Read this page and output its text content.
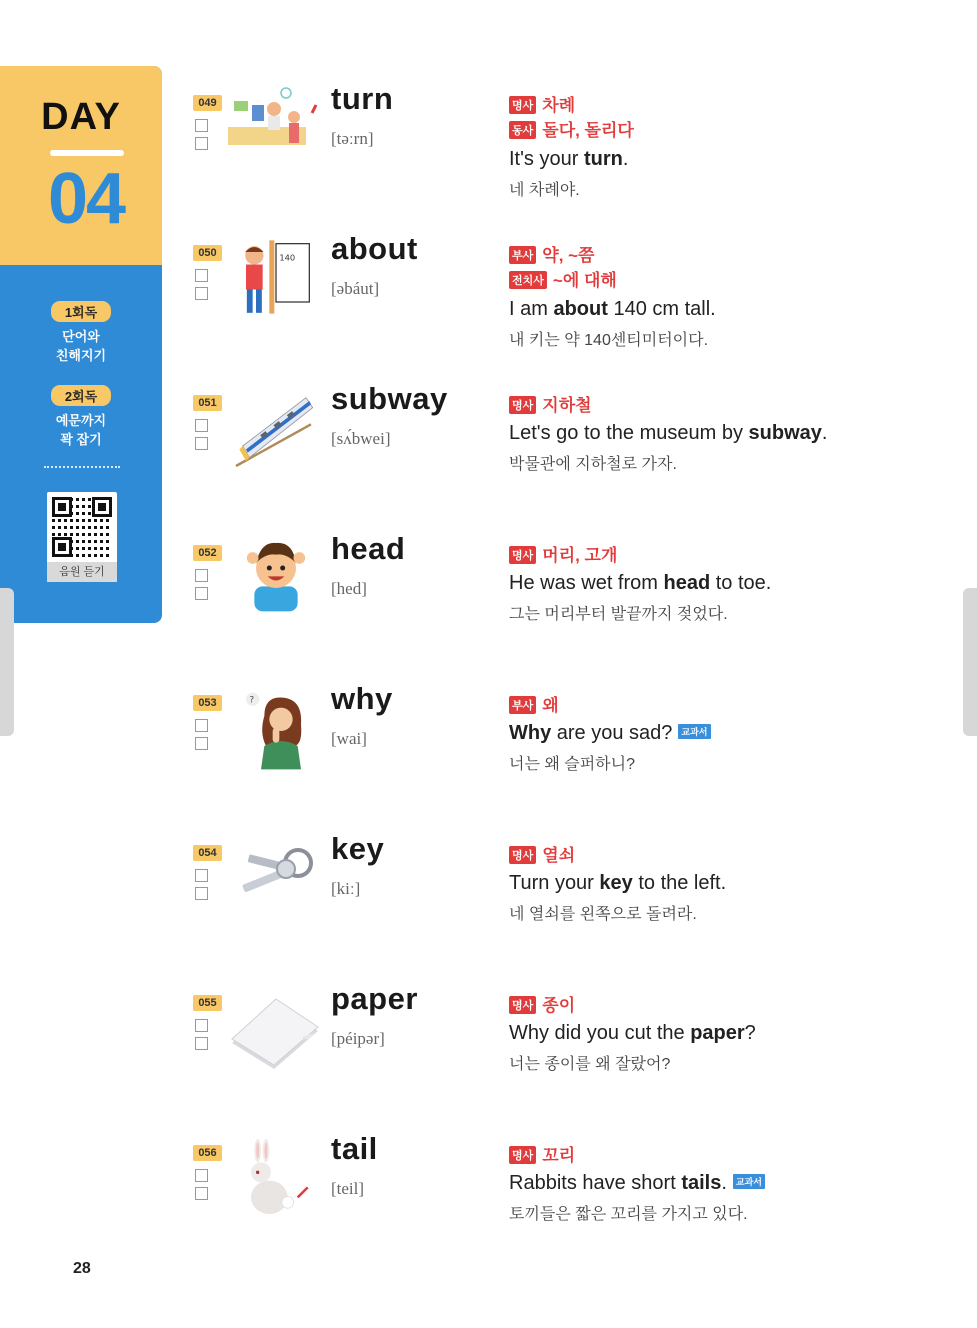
DAY
04
1회독
단어와
친해지기
2회독
예문까지
꽉 잡기
음원 듣기
049	turn
[təːrn]
명사 차례
동사 돌다, 돌리다
It's your turn.
네 차례야.
050	140 about
[əbáut]
부사 약, ~쯤
전치사 ~에 대해
I am about 140 cm tall.
내 키는 약 140센티미터이다.
051	subway
[sʌ́bwei]
명사 지하철
Let's go to the museum by subway.
박물관에 지하철로 가자.
052	head
[hed]
명사 머리, 고개
He was wet from head to toe.
그는 머리부터 발끝까지 젖었다.
053	? why
[wai]
부사 왜
Why are you sad? 교과서
너는 왜 슬퍼하니?
054	key
[kiː]
명사 열쇠
Turn your key to the left.
네 열쇠를 왼쪽으로 돌려라.
055	paper
[péipər]
명사 종이
Why did you cut the paper?
너는 종이를 왜 잘랐어?
056	tail
[teil]
명사 꼬리
Rabbits have short tails. 교과서
토끼들은 짧은 꼬리를 가지고 있다.
28
